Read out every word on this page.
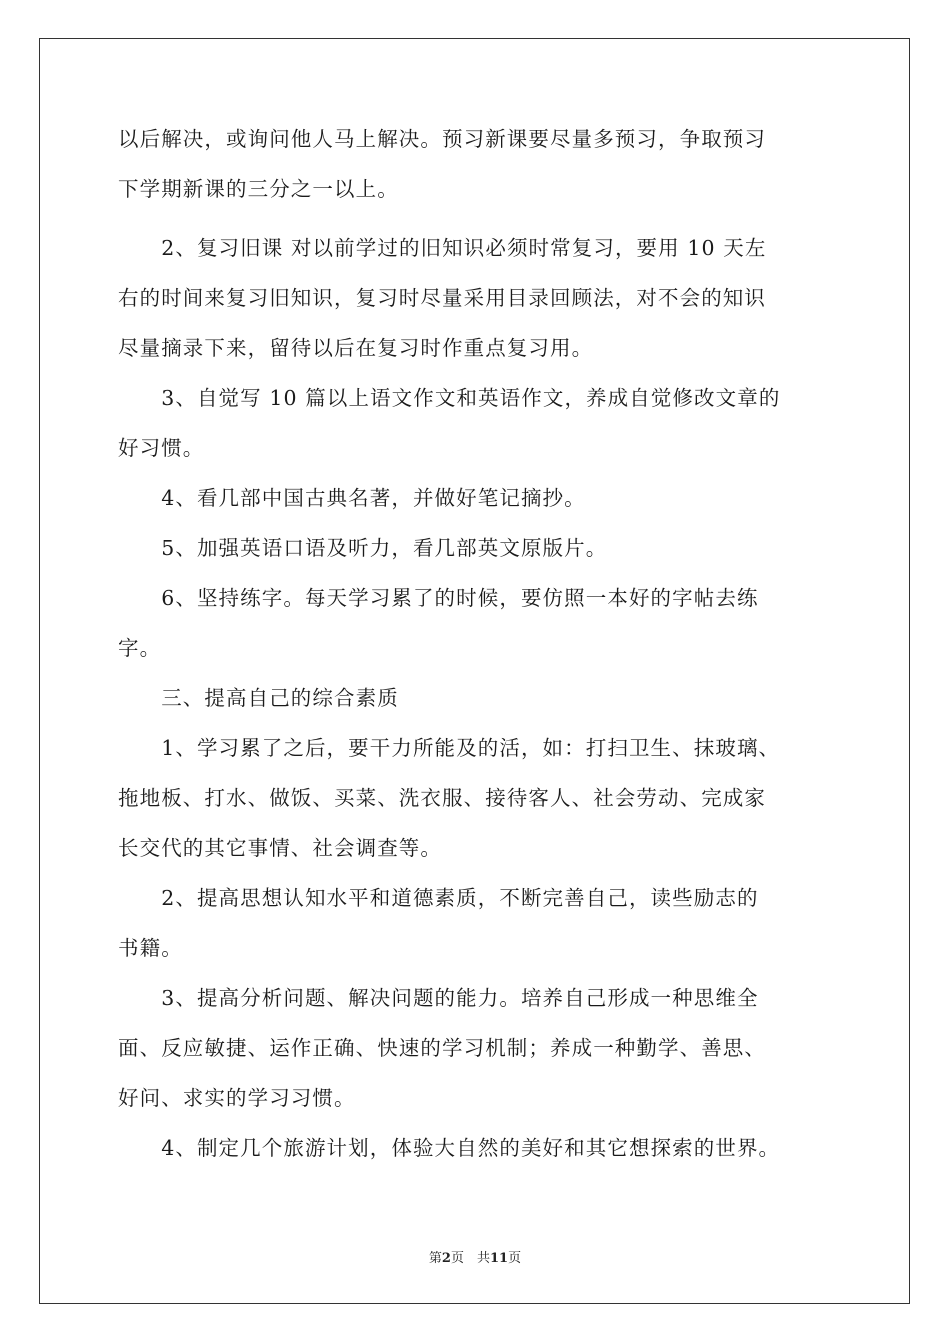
以后解决，或询问他人马上解决。预习新课要尽量多预习，争取预习
下学期新课的三分之一以上。
　　2、复习旧课 对以前学过的旧知识必须时常复习，要用 10 天左
右的时间来复习旧知识，复习时尽量采用目录回顾法，对不会的知识
尽量摘录下来，留待以后在复习时作重点复习用。
　　3、自觉写 10 篇以上语文作文和英语作文，养成自觉修改文章的
好习惯。
　　4、看几部中国古典名著，并做好笔记摘抄。
　　5、加强英语口语及听力，看几部英文原版片。
　　6、坚持练字。每天学习累了的时候，要仿照一本好的字帖去练
字。
　　三、提高自己的综合素质
　　1、学习累了之后，要干力所能及的活，如：打扫卫生、抹玻璃、
拖地板、打水、做饭、买菜、洗衣服、接待客人、社会劳动、完成家
长交代的其它事情、社会调查等。
　　2、提高思想认知水平和道德素质，不断完善自己，读些励志的
书籍。
　　3、提高分析问题、解决问题的能力。培养自己形成一种思维全
面、反应敏捷、运作正确、快速的学习机制；养成一种勤学、善思、
好问、求实的学习习惯。
　　4、制定几个旅游计划，体验大自然的美好和其它想探索的世界。
第2页　共11页
